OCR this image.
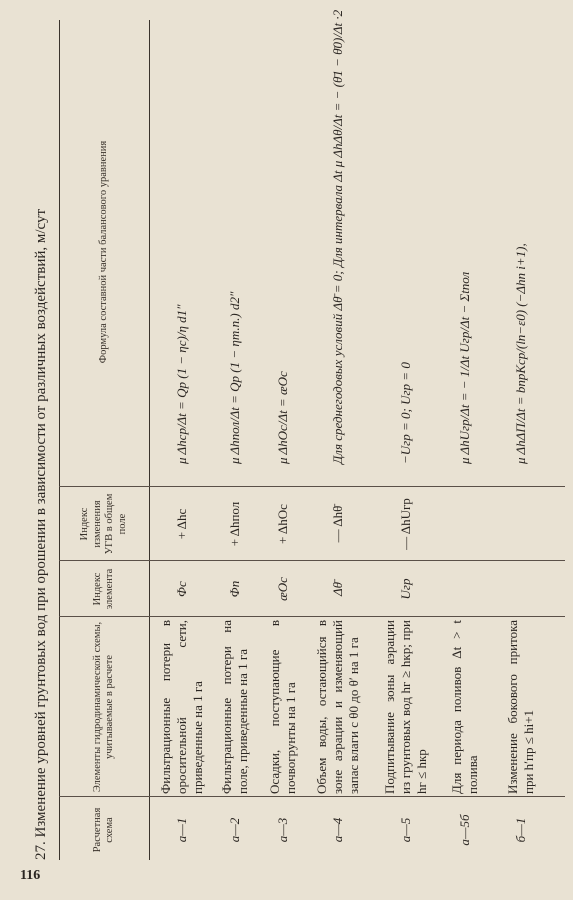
116
27. Изменение уровней грунтовых вод при орошении в зависимости от различных воздействий, м/сут	Расчетная схема
Элементы гидродинамической схемы, учитываемые в расчете
Индекс элемента
Индекс изменения УГВ в общем поле
Формула составной части балансового уравнения
а—1
Фильтрационные потери в оросительной сети, приведенные на 1 га
Φc
+ Δhc
μ Δhcр/Δt = Qр (1 − ηc)/η d1″
а—2
Фильтрационные потери на поле, приведенные на 1 га
Φп
+ Δhпол
μ Δhпол/Δt = Qр (1 − ηт.п.) d2″
а—3
Осадки, поступающие в почвогрунты на 1 га
æOc
+ ΔhOc
μ ΔhOc/Δt = æOc
а—4
Объем воды, остающийся в зоне аэрации и изменяющий запас влаги с θ0 до θ′ на 1 га
Δθ̄
— Δhθ̄
Для среднегодовых условий Δθ̄ = 0; Для интервала Δt μ ΔhΔθ/Δt = − (θ̄1 − θ̄0)/Δt ·2
а—5
Подпитывание зоны аэрации из грунтовых вод hг ≥ hкр; при hг ≤ hкр
Uгр
— ΔhUгр
−Uгр = 0; Uгр = 0
а—5б
Для периода поливов Δt > t полива
μ ΔhUгр/Δt = − 1/Δt Uгр/Δt − Σtпол
б—1
Изменение бокового притока при h′пр ≤ hi+1
μ ΔhΔП/Δt = bпрKср/(ln−ε0) (−Δhn i+1),
